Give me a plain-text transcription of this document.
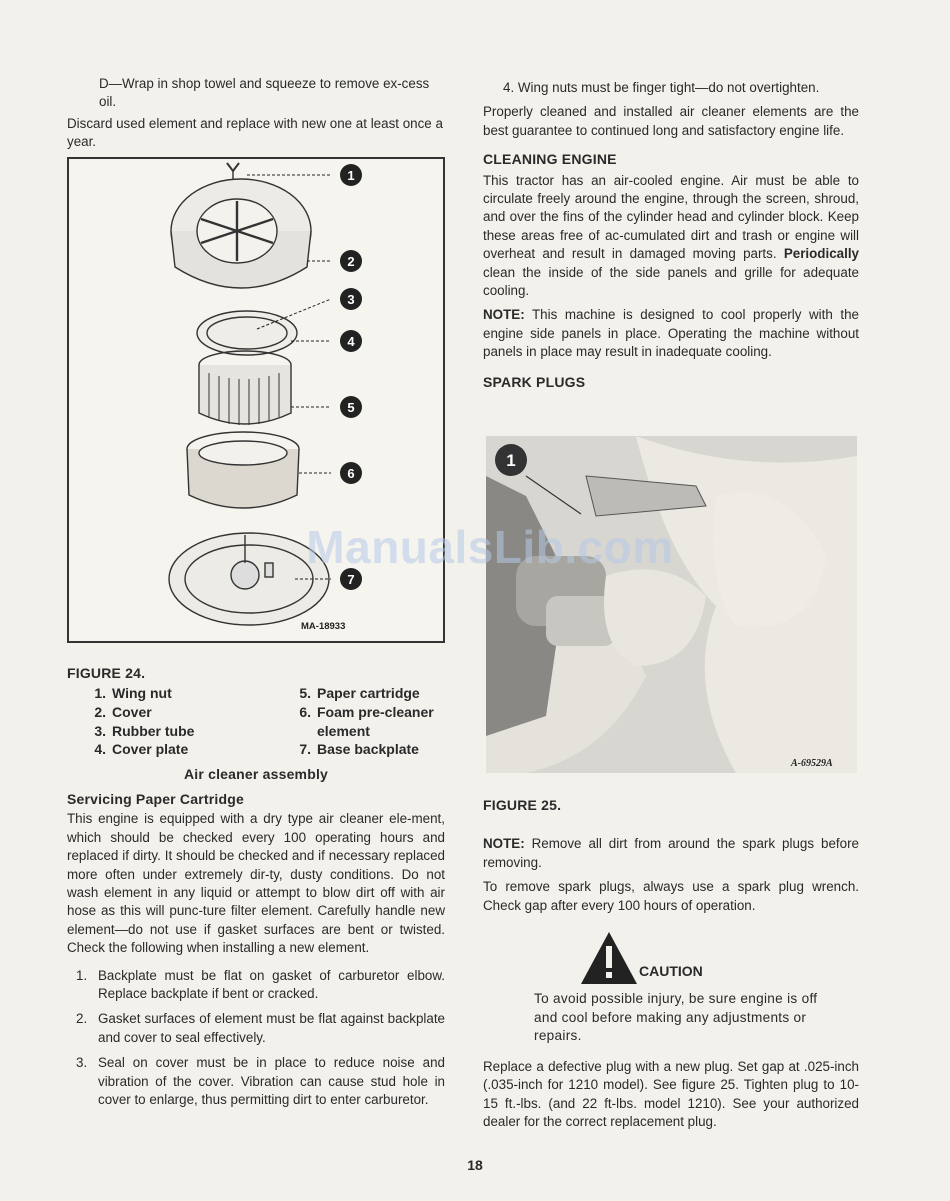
D—Wrap in shop towel and squeeze to remove ex-cess oil.

Discard used element and replace with new one at least once a year.

1
2
3
4
5
6
7
MA-18933

FIGURE 24.

1. Wing nut
2. Cover
3. Rubber tube
4. Cover plate
5. Paper cartridge
6. Foam pre-cleaner element
7. Base backplate

Air cleaner assembly

Servicing Paper Cartridge

This engine is equipped with a dry type air cleaner ele-ment, which should be checked every 100 operating hours and replaced if dirty. It should be checked and if necessary replaced more often under extremely dir-ty, dusty conditions. Do not wash element in any liquid or attempt to blow dirt off with air hose as this will punc-ture filter element. Carefully handle new element—do not use if gasket surfaces are bent or twisted. Check the following when installing a new element.

1. Backplate must be flat on gasket of carburetor elbow. Replace backplate if bent or cracked.
2. Gasket surfaces of element must be flat against backplate and cover to seal effectively.
3. Seal on cover must be in place to reduce noise and vibration of the cover. Vibration can cause stud hole in cover to enlarge, thus permitting dirt to enter carburetor.

4. Wing nuts must be finger tight—do not overtighten.

Properly cleaned and installed air cleaner elements are the best guarantee to continued long and satisfactory engine life.

CLEANING ENGINE

This tractor has an air-cooled engine. Air must be able to circulate freely around the engine, through the screen, shroud, and over the fins of the cylinder head and cylinder block. Keep these areas free of ac-cumulated dirt and trash or engine will overheat and result in damaged moving parts. Periodically clean the inside of the side panels and grille for adequate cooling.

NOTE: This machine is designed to cool properly with the engine side panels in place. Operating the machine without panels in place may result in inadequate cooling.

SPARK PLUGS

1
A-69529A
ManualsLib.com

FIGURE 25.

NOTE: Remove all dirt from around the spark plugs before removing.

To remove spark plugs, always use a spark plug wrench. Check gap after every 100 hours of operation.

CAUTION
To avoid possible injury, be sure engine is off and cool before making any adjustments or repairs.

Replace a defective plug with a new plug. Set gap at .025-inch (.035-inch for 1210 model). See figure 25. Tighten plug to 10-15 ft.-lbs. (and 22 ft-lbs. model 1210). See your authorized dealer for the correct replacement plug.

18
